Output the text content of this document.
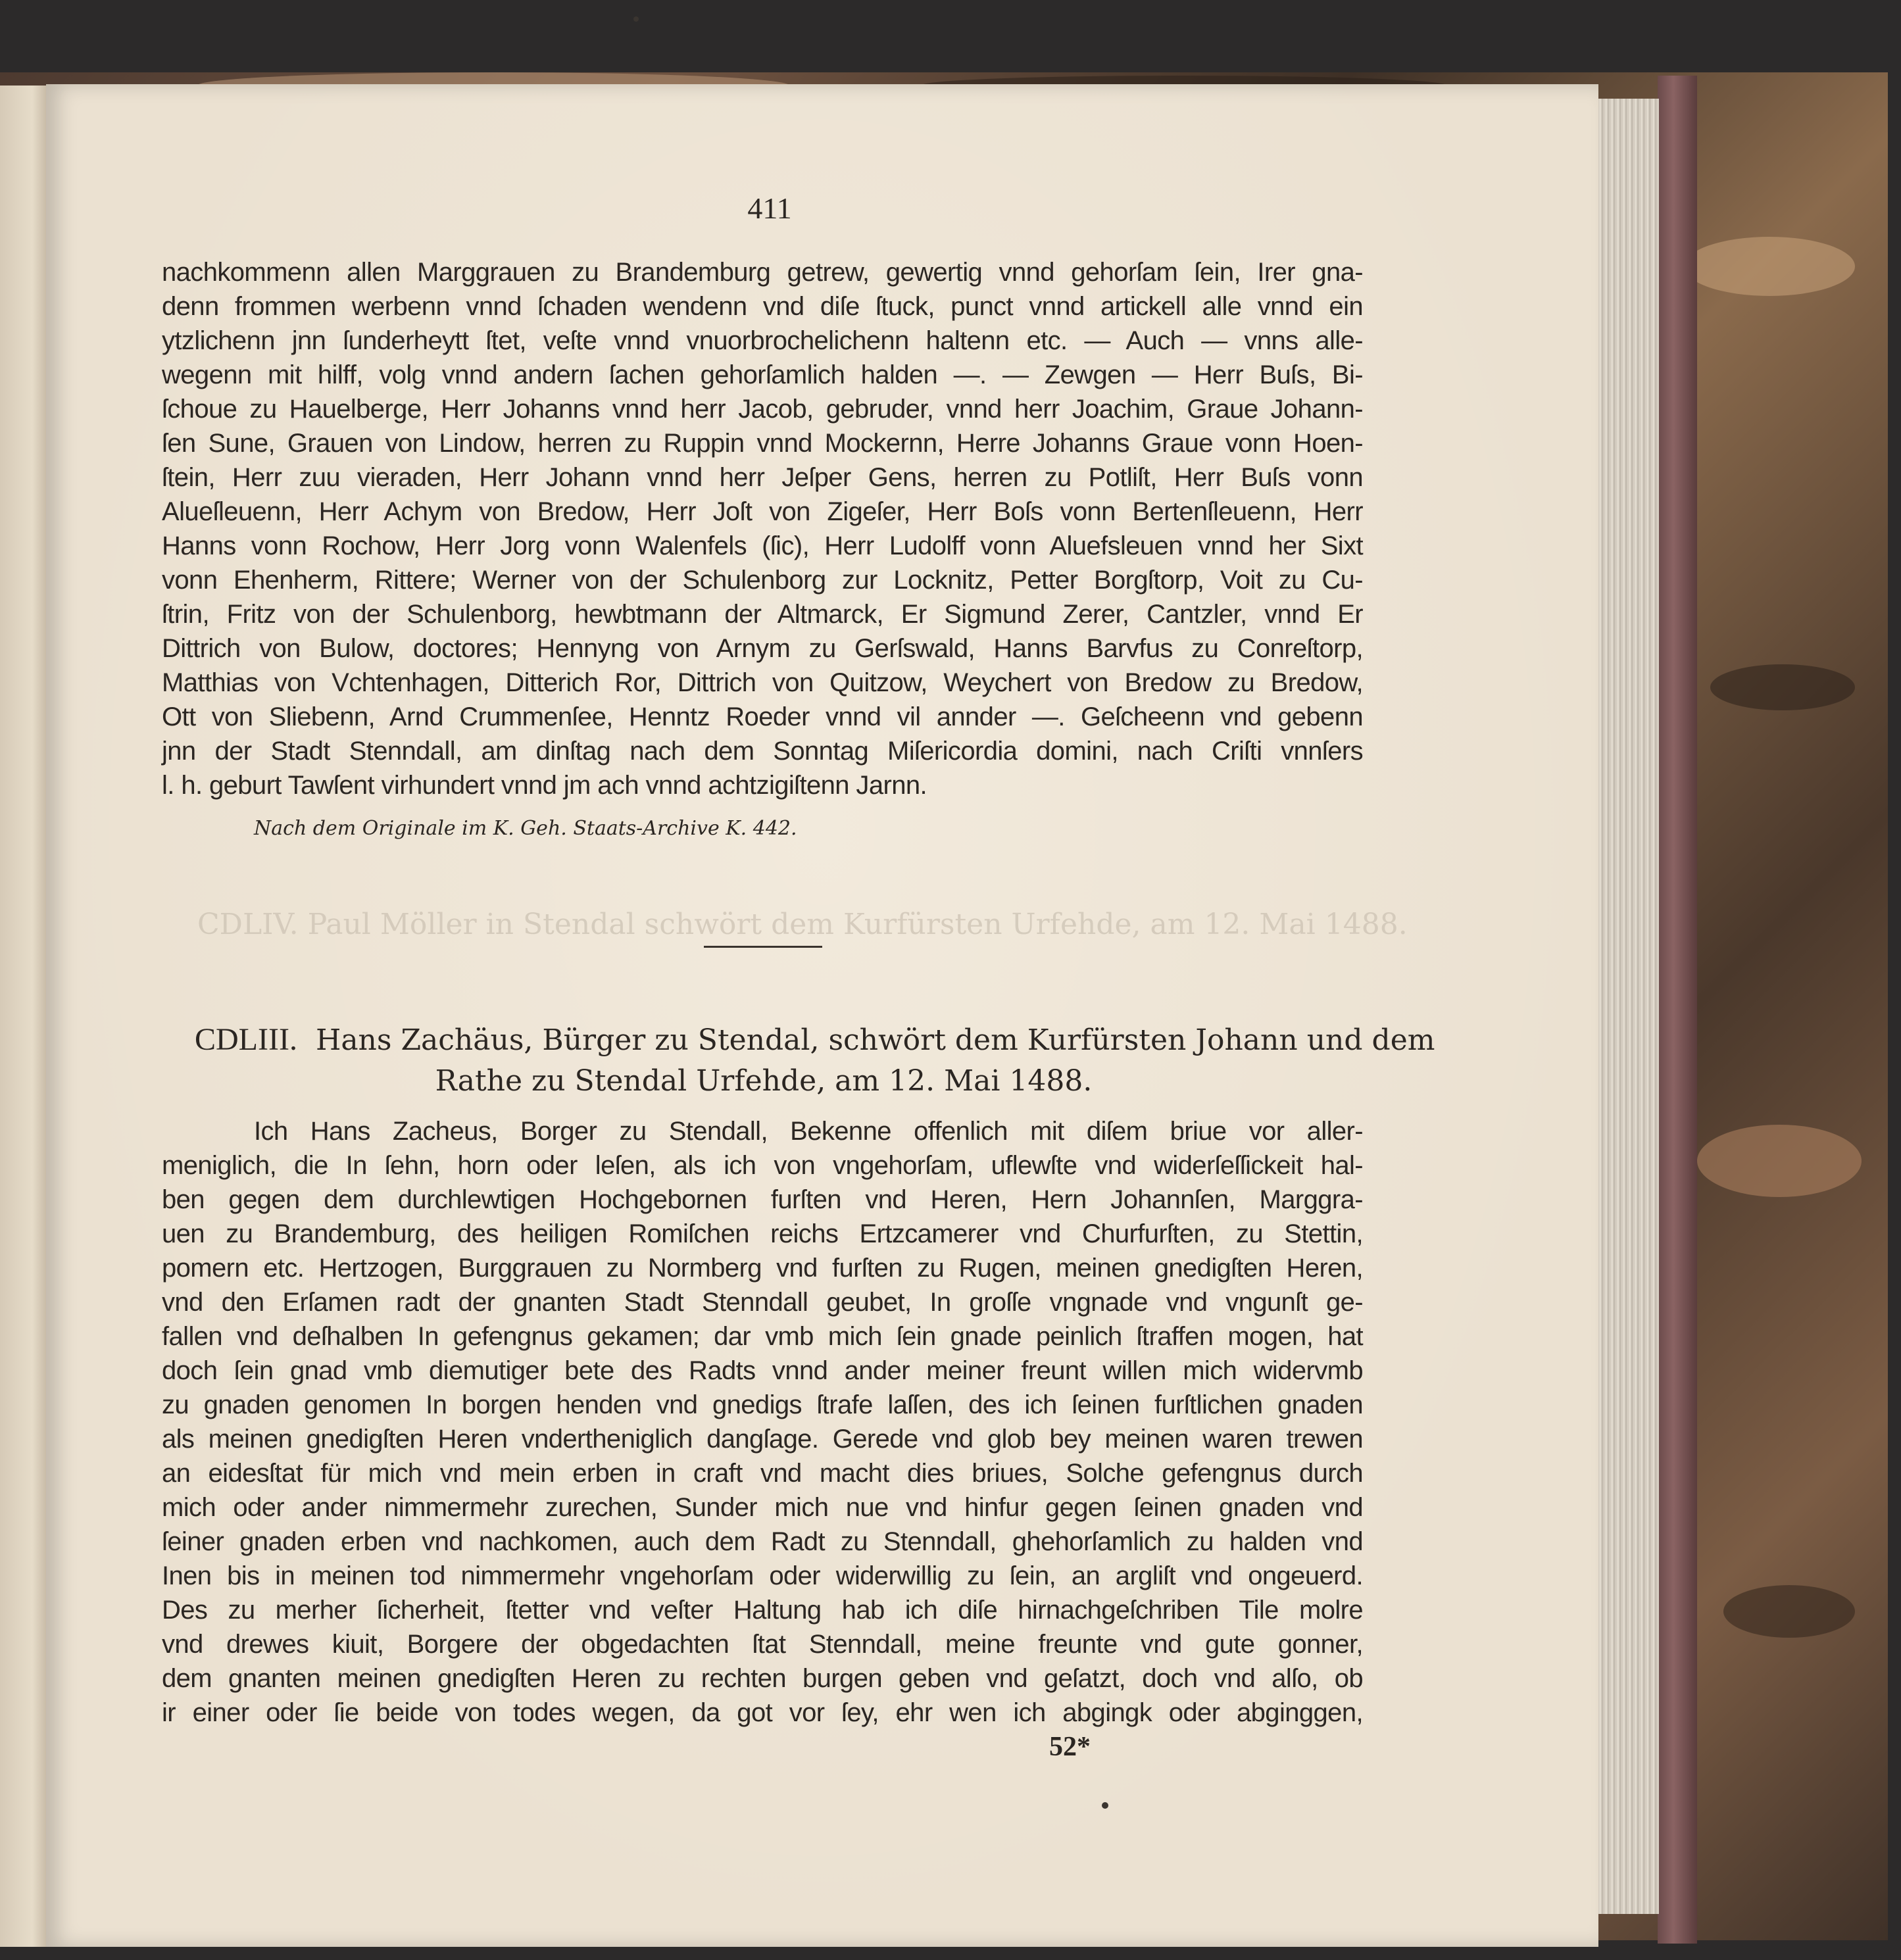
411
nachkommenn allen Marggrauen zu Brandemburg getrew, gewertig vnnd gehorſam ſein, Irer gna-
denn frommen werbenn vnnd ſchaden wendenn vnd diſe ſtuck, punct vnnd artickell alle vnnd ein
ytzlichenn jnn ſunderheytt ſtet, veſte vnnd vnuorbrochelichenn haltenn etc. — Auch — vnns alle-
wegenn mit hilff, volg vnnd andern ſachen gehorſamlich halden —. — Zewgen — Herr Buſs, Bi-
ſchoue zu Hauelberge, Herr Johanns vnnd herr Jacob, gebruder, vnnd herr Joachim, Graue Johann-
ſen Sune, Grauen von Lindow, herren zu Ruppin vnnd Mockernn, Herre Johanns Graue vonn Hoen-
ſtein, Herr zuu vieraden, Herr Johann vnnd herr Jeſper Gens, herren zu Potliſt, Herr Buſs vonn
Alueſleuenn, Herr Achym von Bredow, Herr Joſt von Zigeſer, Herr Boſs vonn Bertenſleuenn, Herr
Hanns vonn Rochow, Herr Jorg vonn Walenfels (ſic), Herr Ludolff vonn Aluefsleuen vnnd her Sixt
vonn Ehenherm, Rittere; Werner von der Schulenborg zur Locknitz, Petter Borgſtorp, Voit zu Cu-
ſtrin, Fritz von der Schulenborg, hewbtmann der Altmarck, Er Sigmund Zerer, Cantzler, vnnd Er
Dittrich von Bulow, doctores; Hennyng von Arnym zu Gerſswald, Hanns Barvfus zu Conreſtorp,
Matthias von Vchtenhagen, Ditterich Ror, Dittrich von Quitzow, Weychert von Bredow zu Bredow,
Ott von Sliebenn, Arnd Crummenſee, Henntz Roeder vnnd vil annder —. Geſcheenn vnd gebenn
jnn der Stadt Stenndall, am dinſtag nach dem Sonntag Miſericordia domini, nach Criſti vnnſers
l. h. geburt Tawſent virhundert vnnd jm ach vnnd achtzigiſtenn Jarnn.
Nach dem Originale im K. Geh. Staats-Archive K. 442.
CDLIV. Paul Möller in Stendal schwört dem Kurfürsten Urfehde, am 12. Mai 1488.
CDLIII. Hans Zachäus, Bürger zu Stendal, schwört dem Kurfürsten Johann und dem
Rathe zu Stendal Urfehde, am 12. Mai 1488.
Ich Hans Zacheus, Borger zu Stendall, Bekenne offenlich mit diſem briue vor aller-
meniglich, die In ſehn, horn oder leſen, als ich von vngehorſam, uflewſte vnd widerſeſſickeit hal-
ben gegen dem durchlewtigen Hochgebornen furſten vnd Heren, Hern Johannſen, Marggra-
uen zu Brandemburg, des heiligen Romiſchen reichs Ertzcamerer vnd Churfurſten, zu Stettin,
pomern etc. Hertzogen, Burggrauen zu Normberg vnd furſten zu Rugen, meinen gnedigſten Heren,
vnd den Erſamen radt der gnanten Stadt Stenndall geubet, In groſſe vngnade vnd vngunſt ge-
fallen vnd deſhalben In gefengnus gekamen; dar vmb mich ſein gnade peinlich ſtraffen mogen, hat
doch ſein gnad vmb diemutiger bete des Radts vnnd ander meiner freunt willen mich widervmb
zu gnaden genomen In borgen henden vnd gnedigs ſtrafe laſſen, des ich ſeinen furſtlichen gnaden
als meinen gnedigſten Heren vndertheniglich dangſage. Gerede vnd glob bey meinen waren trewen
an eidesſtat für mich vnd mein erben in craft vnd macht dies briues, Solche gefengnus durch
mich oder ander nimmermehr zurechen, Sunder mich nue vnd hinfur gegen ſeinen gnaden vnd
ſeiner gnaden erben vnd nachkomen, auch dem Radt zu Stenndall, ghehorſamlich zu halden vnd
Inen bis in meinen tod nimmermehr vngehorſam oder widerwillig zu ſein, an argliſt vnd ongeuerd.
Des zu merher ſicherheit, ſtetter vnd veſter Haltung hab ich diſe hirnachgeſchriben Tile molre
vnd drewes kiuit, Borgere der obgedachten ſtat Stenndall, meine freunte vnd gute gonner,
dem gnanten meinen gnedigſten Heren zu rechten burgen geben vnd geſatzt, doch vnd alſo, ob
ir einer oder ſie beide von todes wegen, da got vor ſey, ehr wen ich abgingk oder abginggen,
52*
